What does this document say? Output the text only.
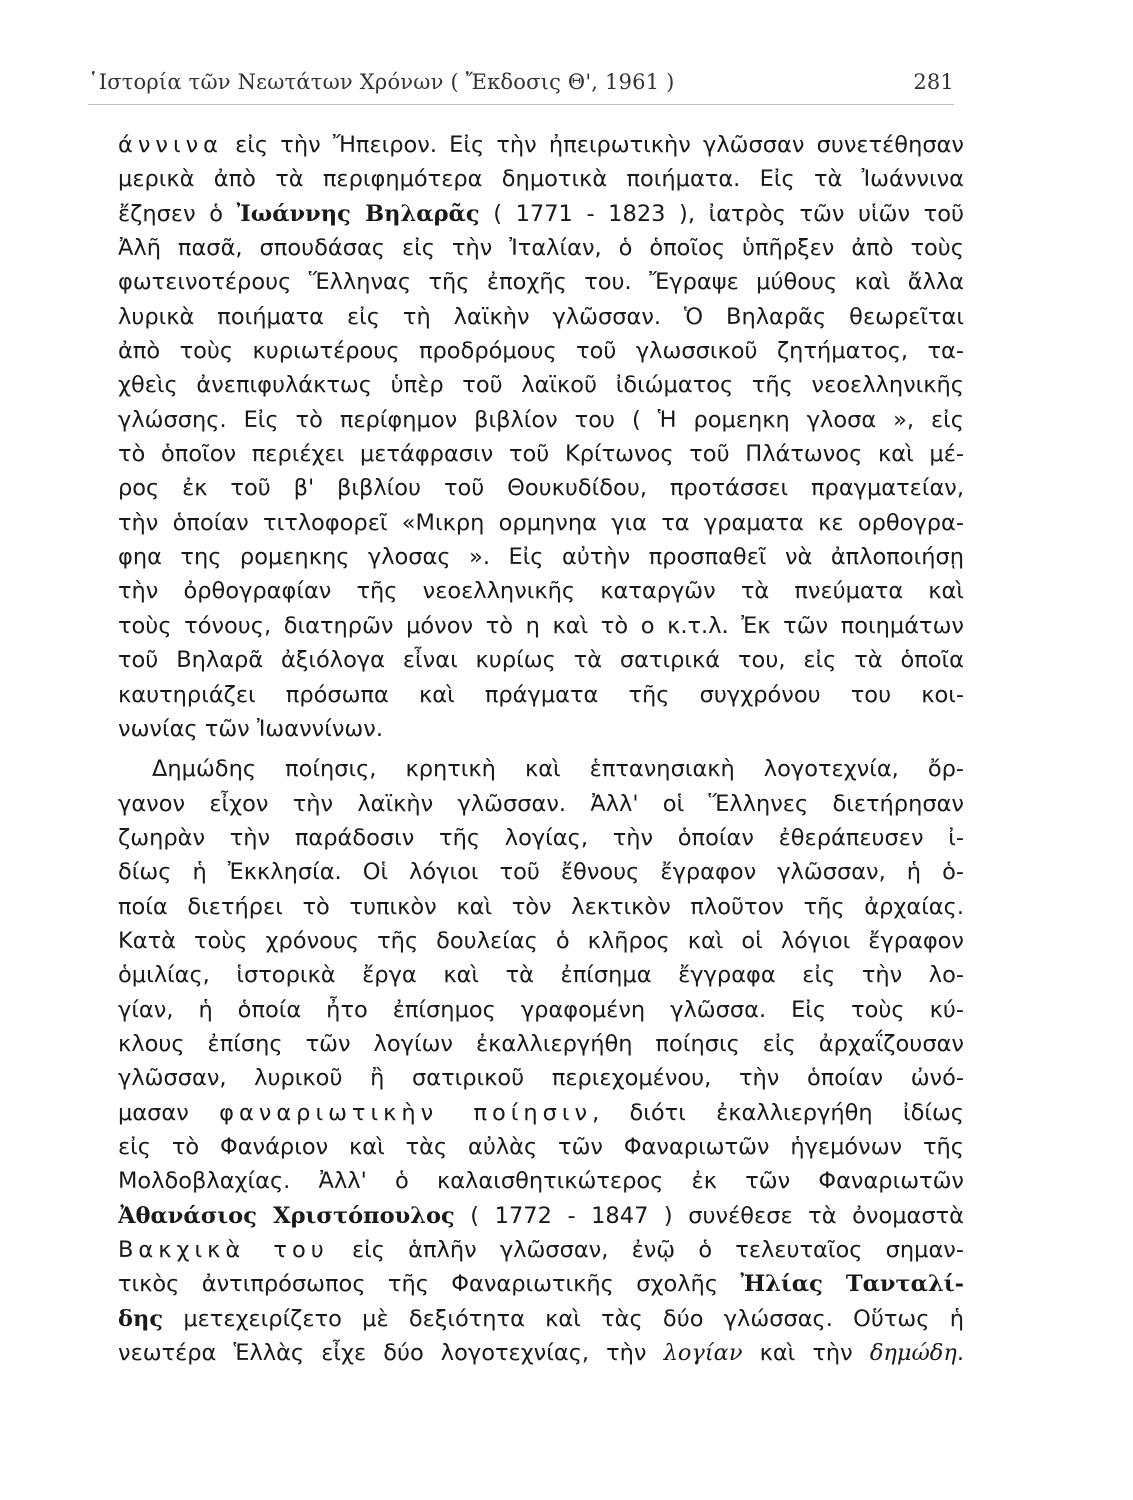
῾Ιστορία τῶν Νεωτάτων Χρόνων ( Ἔκδοσις Θ', 1961 )	281
άννινα εἰς τὴν Ἤπειρον. Εἰς τὴν ἠπειρωτικὴν γλῶσσαν συνετέθησαν
μερικὰ ἀπὸ τὰ περιφημότερα δημοτικὰ ποιήματα. Εἰς τὰ Ἰωάννινα
ἔζησεν ὁ Ἰωάννης Βηλαρᾶς ( 1771 - 1823 ), ἰατρὸς τῶν υἱῶν τοῦ
Ἀλῆ πασᾶ, σπουδάσας εἰς τὴν Ἰταλίαν, ὁ ὁποῖος ὑπῆρξεν ἀπὸ τοὺς
φωτεινοτέρους Ἕλληνας τῆς ἐποχῆς του. Ἔγραψε μύθους καὶ ἄλλα
λυρικὰ ποιήματα εἰς τὴ λαϊκὴν γλῶσσαν. Ὁ Βηλαρᾶς θεωρεῖται
ἀπὸ τοὺς κυριωτέρους προδρόμους τοῦ γλωσσικοῦ ζητήματος, τα-
χθεὶς ἀνεπιφυλάκτως ὑπὲρ τοῦ λαϊκοῦ ἰδιώματος τῆς νεοελληνικῆς
γλώσσης. Εἰς τὸ περίφημον βιβλίον του ( Ἡ ρομεηκη γλοσα », εἰς
τὸ ὁποῖον περιέχει μετάφρασιν τοῦ Κρίτωνος τοῦ Πλάτωνος καὶ μέ-
ρος ἐκ τοῦ β' βιβλίου τοῦ Θουκυδίδου, προτάσσει πραγματείαν,
τὴν ὁποίαν τιτλοφορεῖ «Μικρη ορμηνηα για τα γραματα κε ορθογρα-
φηα της ρομεηκης γλοσας ». Εἰς αὐτὴν προσπαθεῖ νὰ ἀπλοποιήσῃ
τὴν ὀρθογραφίαν τῆς νεοελληνικῆς καταργῶν τὰ πνεύματα καὶ
τοὺς τόνους, διατηρῶν μόνον τὸ η καὶ τὸ ο κ.τ.λ. Ἐκ τῶν ποιημάτων
τοῦ Βηλαρᾶ ἀξιόλογα εἶναι κυρίως τὰ σατιρικά του, εἰς τὰ ὁποῖα
καυτηριάζει πρόσωπα καὶ πράγματα τῆς συγχρόνου του κοι-
νωνίας τῶν Ἰωαννίνων.
Δημώδης ποίησις, κρητικὴ καὶ ἑπτανησιακὴ λογοτεχνία, ὄρ-
γανον εἶχον τὴν λαϊκὴν γλῶσσαν. Ἀλλ' οἱ Ἕλληνες διετήρησαν
ζωηρὰν τὴν παράδοσιν τῆς λογίας, τὴν ὁποίαν ἐθεράπευσεν ἰ-
δίως ἡ Ἐκκλησία. Οἱ λόγιοι τοῦ ἔθνους ἔγραφον γλῶσσαν, ἡ ὁ-
ποία διετήρει τὸ τυπικὸν καὶ τὸν λεκτικὸν πλοῦτον τῆς ἀρχαίας.
Κατὰ τοὺς χρόνους τῆς δουλείας ὁ κλῆρος καὶ οἱ λόγιοι ἔγραφον
ὁμιλίας, ἱστορικὰ ἔργα καὶ τὰ ἐπίσημα ἔγγραφα εἰς τὴν λο-
γίαν, ἡ ὁποία ἦτο ἐπίσημος γραφομένη γλῶσσα. Εἰς τοὺς κύ-
κλους ἐπίσης τῶν λογίων ἐκαλλιεργήθη ποίησις εἰς ἀρχαΐζουσαν
γλῶσσαν, λυρικοῦ ἢ σατιρικοῦ περιεχομένου, τὴν ὁποίαν ὠνό-
μασαν φαναριωτικὴν ποίησιν, διότι ἐκαλλιεργήθη ἰδίως
εἰς τὸ Φανάριον καὶ τὰς αὐλὰς τῶν Φαναριωτῶν ἡγεμόνων τῆς
Μολδοβλαχίας. Ἀλλ' ὁ καλαισθητικώτερος ἐκ τῶν Φαναριωτῶν
Ἀθανάσιος Χριστόπουλος ( 1772 - 1847 ) συνέθεσε τὰ ὀνομαστὰ
Βακχικὰ του εἰς ἁπλῆν γλῶσσαν, ἐνῷ ὁ τελευταῖος σημαν-
τικὸς ἀντιπρόσωπος τῆς Φαναριωτικῆς σχολῆς Ἠλίας Τανταλί-
δης μετεχειρίζετο μὲ δεξιότητα καὶ τὰς δύο γλώσσας. Οὕτως ἡ
νεωτέρα Ἑλλὰς εἶχε δύο λογοτεχνίας, τὴν λογίαν καὶ τὴν δημώδη.
